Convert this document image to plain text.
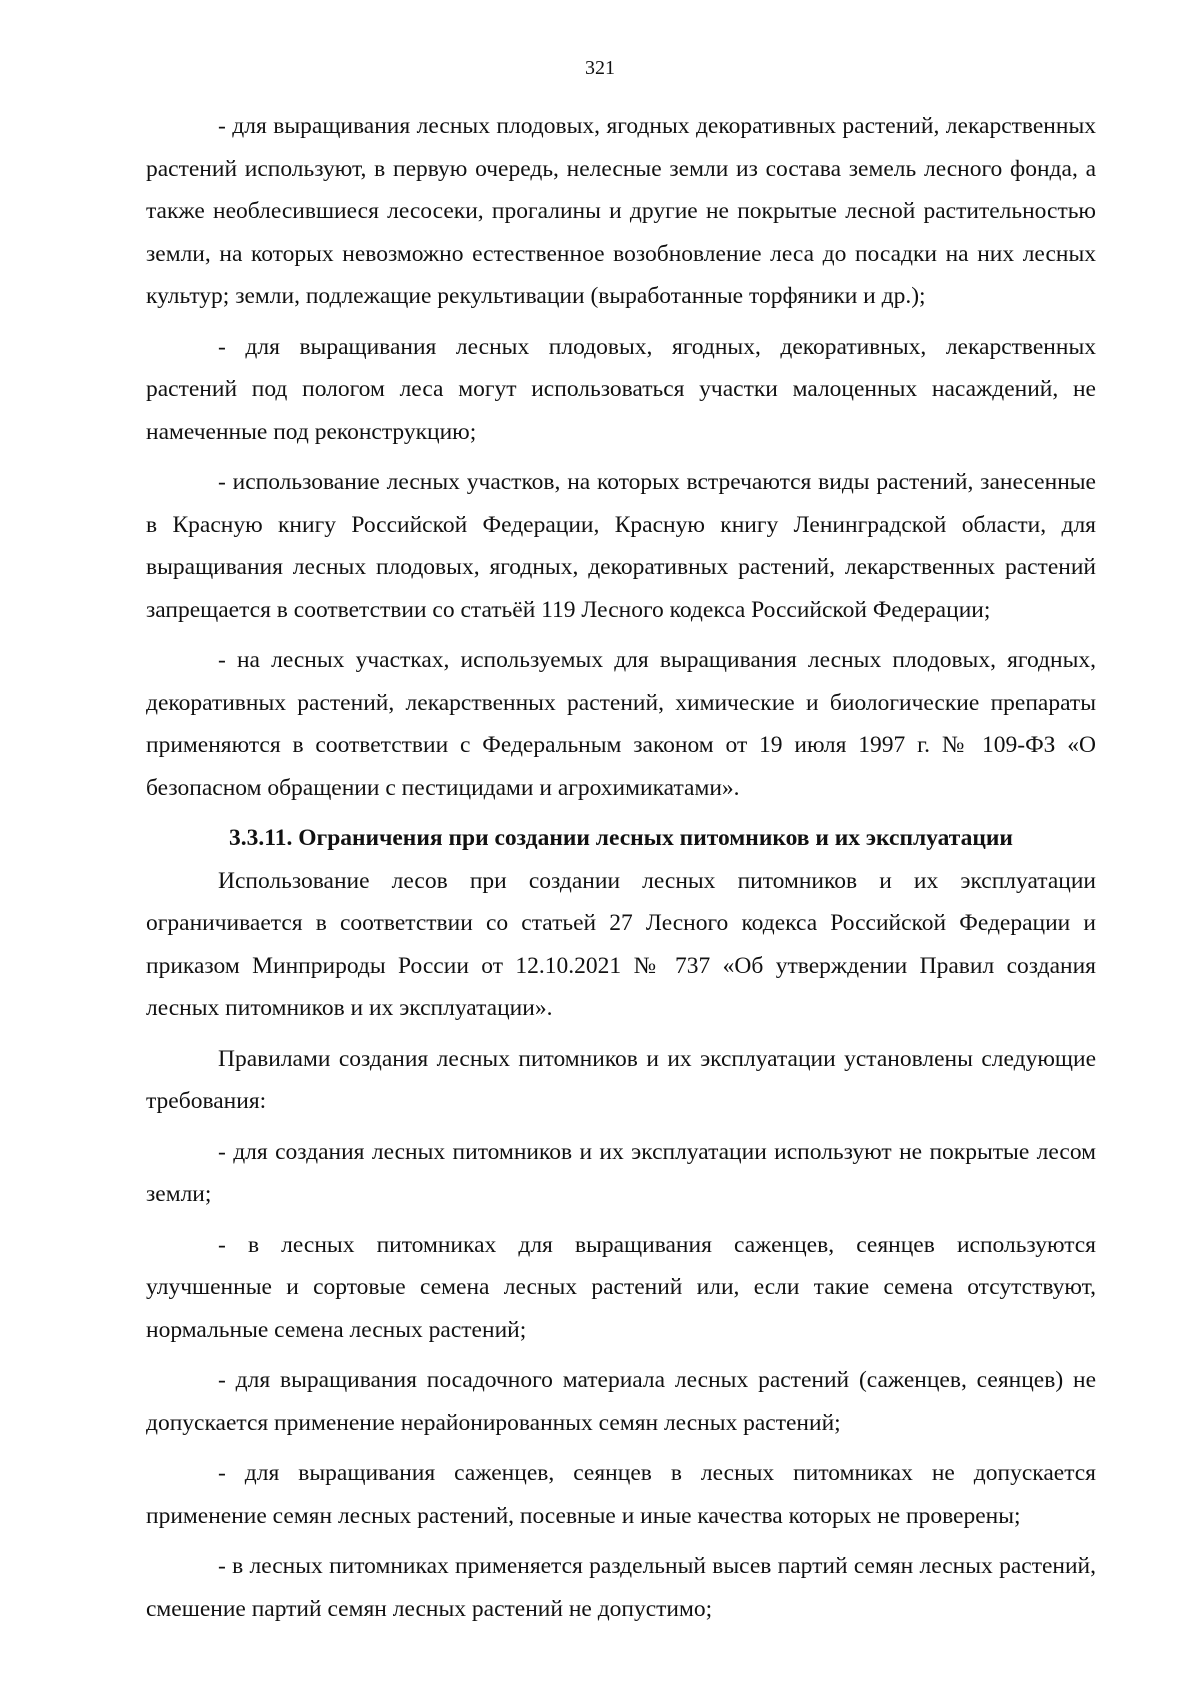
321

- для выращивания лесных плодовых, ягодных декоративных растений, лекарственных растений используют, в первую очередь, нелесные земли из состава земель лесного фонда, а также необлесившиеся лесосеки, прогалины и другие не покрытые лесной растительностью земли, на которых невозможно естественное возобновление леса до посадки на них лесных культур; земли, подлежащие рекультивации (выработанные торфяники и др.);

- для выращивания лесных плодовых, ягодных, декоративных, лекарственных растений под пологом леса могут использоваться участки малоценных насаждений, не намеченные под реконструкцию;

- использование лесных участков, на которых встречаются виды растений, занесенные в Красную книгу Российской Федерации, Красную книгу Ленинградской области, для выращивания лесных плодовых, ягодных, декоративных растений, лекарственных растений запрещается в соответствии со статьёй 119 Лесного кодекса Российской Федерации;

- на лесных участках, используемых для выращивания лесных плодовых, ягодных, декоративных растений, лекарственных растений, химические и биологические препараты применяются в соответствии с Федеральным законом от 19 июля 1997 г. № 109-ФЗ «О безопасном обращении с пестицидами и агрохимикатами».

3.3.11. Ограничения при создании лесных питомников и их эксплуатации

Использование лесов при создании лесных питомников и их эксплуатации ограничивается в соответствии со статьей 27 Лесного кодекса Российской Федерации и приказом Минприроды России от 12.10.2021 № 737 «Об утверждении Правил создания лесных питомников и их эксплуатации».

Правилами создания лесных питомников и их эксплуатации установлены следующие требования:

- для создания лесных питомников и их эксплуатации используют не покрытые лесом земли;

- в лесных питомниках для выращивания саженцев, сеянцев используются улучшенные и сортовые семена лесных растений или, если такие семена отсутствуют, нормальные семена лесных растений;

- для выращивания посадочного материала лесных растений (саженцев, сеянцев) не допускается применение нерайонированных семян лесных растений;

- для выращивания саженцев, сеянцев в лесных питомниках не допускается применение семян лесных растений, посевные и иные качества которых не проверены;

- в лесных питомниках применяется раздельный высев партий семян лесных растений, смешение партий семян лесных растений не допустимо;
